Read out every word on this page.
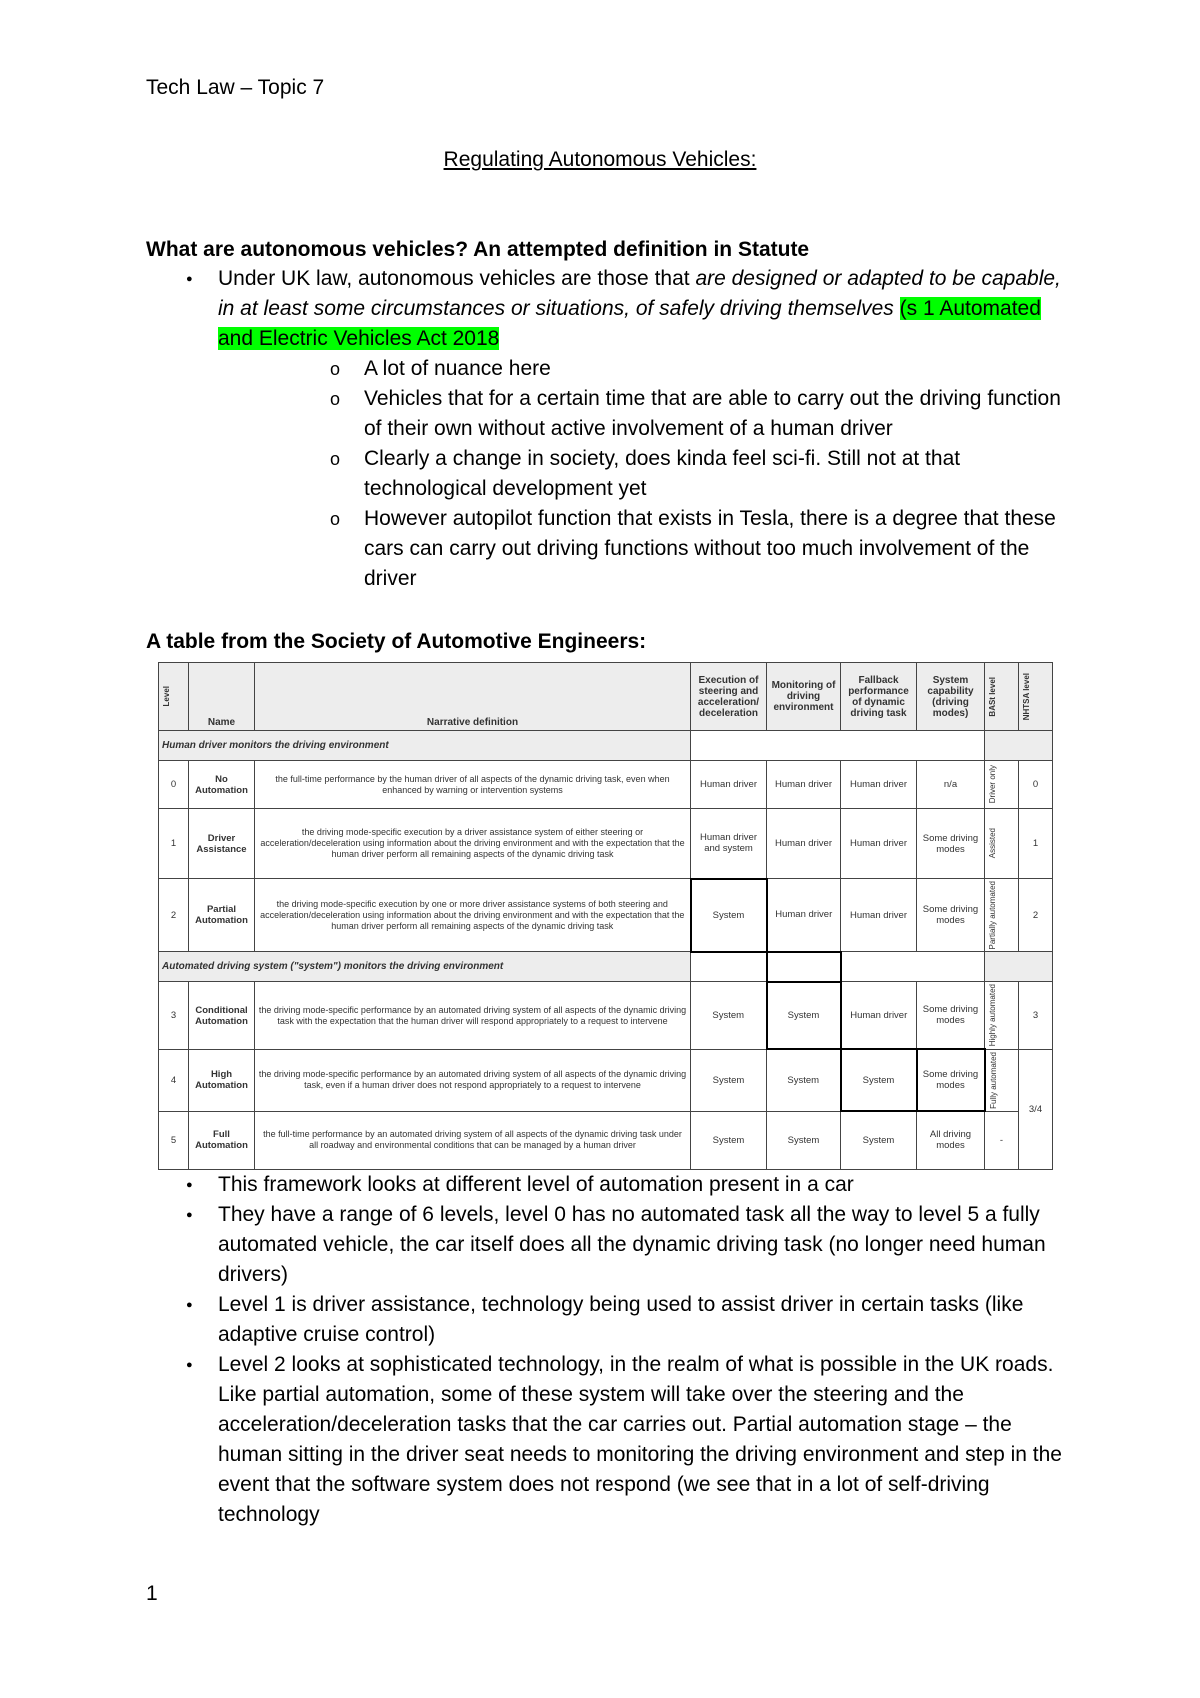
Tech Law – Topic 7
Regulating Autonomous Vehicles:
What are autonomous vehicles? An attempted definition in Statute
● Under UK law, autonomous vehicles are those that are designed or adapted to be capable, in at least some circumstances or situations, of safely driving themselves (s 1 Automated and Electric Vehicles Act 2018
o A lot of nuance here
o Vehicles that for a certain time that are able to carry out the driving function of their own without active involvement of a human driver
o Clearly a change in society, does kinda feel sci-fi. Still not at that technological development yet
o However autopilot function that exists in Tesla, there is a degree that these cars can carry out driving functions without too much involvement of the driver
A table from the Society of Automotive Engineers:
Level	Name	Narrative definition	Execution of steering and acceleration/ deceleration	Monitoring of driving environment	Fallback performance of dynamic driving task	System capability (driving modes)	BASt level	NHTSA level

Human driver monitors the driving environment								
0	No Automation	the full-time performance by the human driver of all aspects of the dynamic driving task, even when enhanced by warning or intervention systems	Human driver	Human driver	Human driver	n/a	Driver only	0
1	Driver Assistance	the driving mode-specific execution by a driver assistance system of either steering or acceleration/deceleration using information about the driving environment and with the expectation that the human driver perform all remaining aspects of the dynamic driving task	Human driver and system	Human driver	Human driver	Some driving modes	Assisted	1
2	Partial Automation	the driving mode-specific execution by one or more driver assistance systems of both steering and acceleration/deceleration using information about the driving environment and with the expectation that the human driver perform all remaining aspects of the dynamic driving task	System	Human driver	Human driver	Some driving modes	Partially automated	2
Automated driving system ("system") monitors the driving environment								
3	Conditional Automation	the driving mode-specific performance by an automated driving system of all aspects of the dynamic driving task with the expectation that the human driver will respond appropriately to a request to intervene	System	System	Human driver	Some driving modes	Highly automated	3
4	High Automation	the driving mode-specific performance by an automated driving system of all aspects of the dynamic driving task, even if a human driver does not respond appropriately to a request to intervene	System	System	System	Some driving modes	Fully automated	3/4
5	Full Automation	the full-time performance by an automated driving system of all aspects of the dynamic driving task under all roadway and environmental conditions that can be managed by a human driver	System	System	System	All driving modes	-	
● This framework looks at different level of automation present in a car
● They have a range of 6 levels, level 0 has no automated task all the way to level 5 a fully automated vehicle, the car itself does all the dynamic driving task (no longer need human drivers)
● Level 1 is driver assistance, technology being used to assist driver in certain tasks (like adaptive cruise control)
● Level 2 looks at sophisticated technology, in the realm of what is possible in the UK roads. Like partial automation, some of these system will take over the steering and the acceleration/deceleration tasks that the car carries out. Partial automation stage – the human sitting in the driver seat needs to monitoring the driving environment and step in the event that the software system does not respond (we see that in a lot of self-driving technology
1
